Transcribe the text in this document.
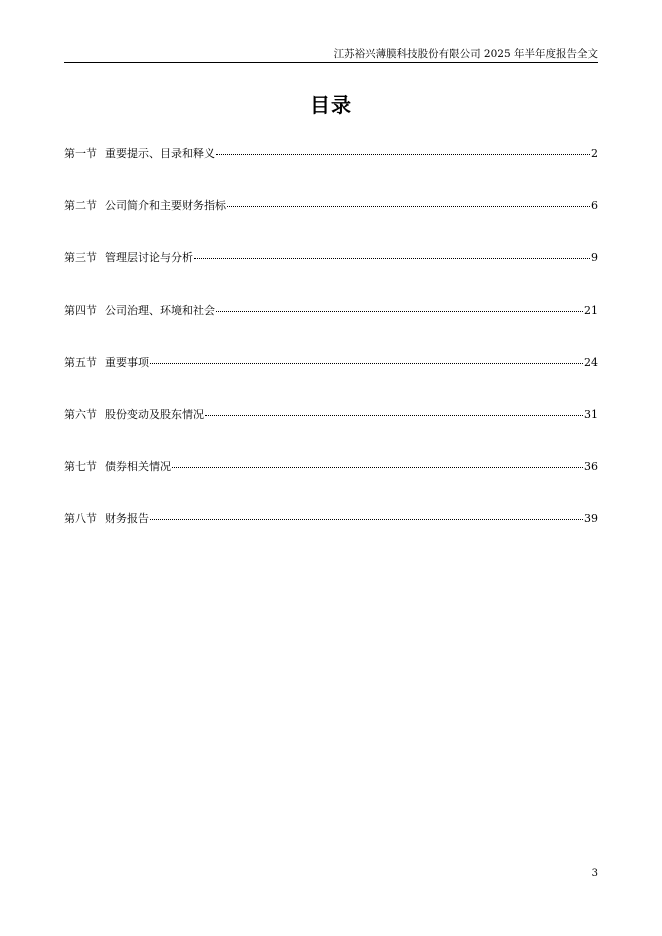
江苏裕兴薄膜科技股份有限公司 2025 年半年度报告全文
目录
第一节 重要提示、目录和释义	2
第二节 公司简介和主要财务指标	6
第三节 管理层讨论与分析	9
第四节 公司治理、环境和社会	21
第五节 重要事项	24
第六节 股份变动及股东情况	31
第七节 债券相关情况	36
第八节 财务报告	39
3
